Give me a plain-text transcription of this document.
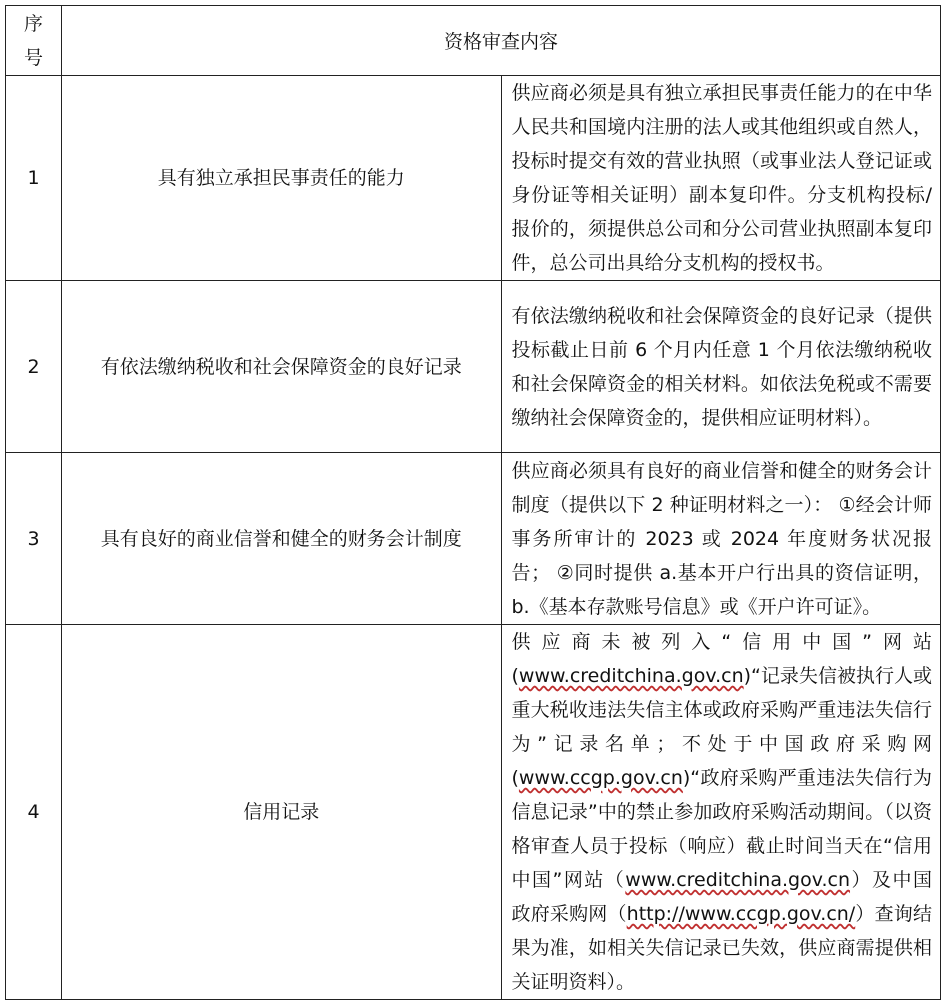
序号	资格审查内容	
1	具有独立承担民事责任的能力	供应商必须是具有独立承担民事责任能力的在中华人民共和国境内注册的法人或其他组织或自然人，投标时提交有效的营业执照（或事业法人登记证或身份证等相关证明）副本复印件。分支机构投标/报价的，须提供总公司和分公司营业执照副本复印件，总公司出具给分支机构的授权书。
2	有依法缴纳税收和社会保障资金的良好记录	有依法缴纳税收和社会保障资金的良好记录（提供投标截止日前 6 个月内任意 1 个月依法缴纳税收和社会保障资金的相关材料。如依法免税或不需要缴纳社会保障资金的，提供相应证明材料）。
3	具有良好的商业信誉和健全的财务会计制度	供应商必须具有良好的商业信誉和健全的财务会计制度（提供以下 2 种证明材料之一）： ①经会计师事务所审计的 2023 或 2024 年度财务状况报告； ②同时提供 a.基本开户行出具的资信证明，b.《基本存款账号信息》或《开户许可证》。
4	信用记录	供应商未被列入“信用中国”网站(www.creditchina.gov.cn)“记录失信被执行人或重大税收违法失信主体或政府采购严重违法失信行为”记录名单；不处于中国政府采购网(www.ccgp.gov.cn)“政府采购严重违法失信行为信息记录”中的禁止参加政府采购活动期间。（以资格审查人员于投标（响应）截止时间当天在“信用中国”网站（www.creditchina.gov.cn）及中国政府采购网（http://www.ccgp.gov.cn/）查询结果为准，如相关失信记录已失效，供应商需提供相关证明资料）。
